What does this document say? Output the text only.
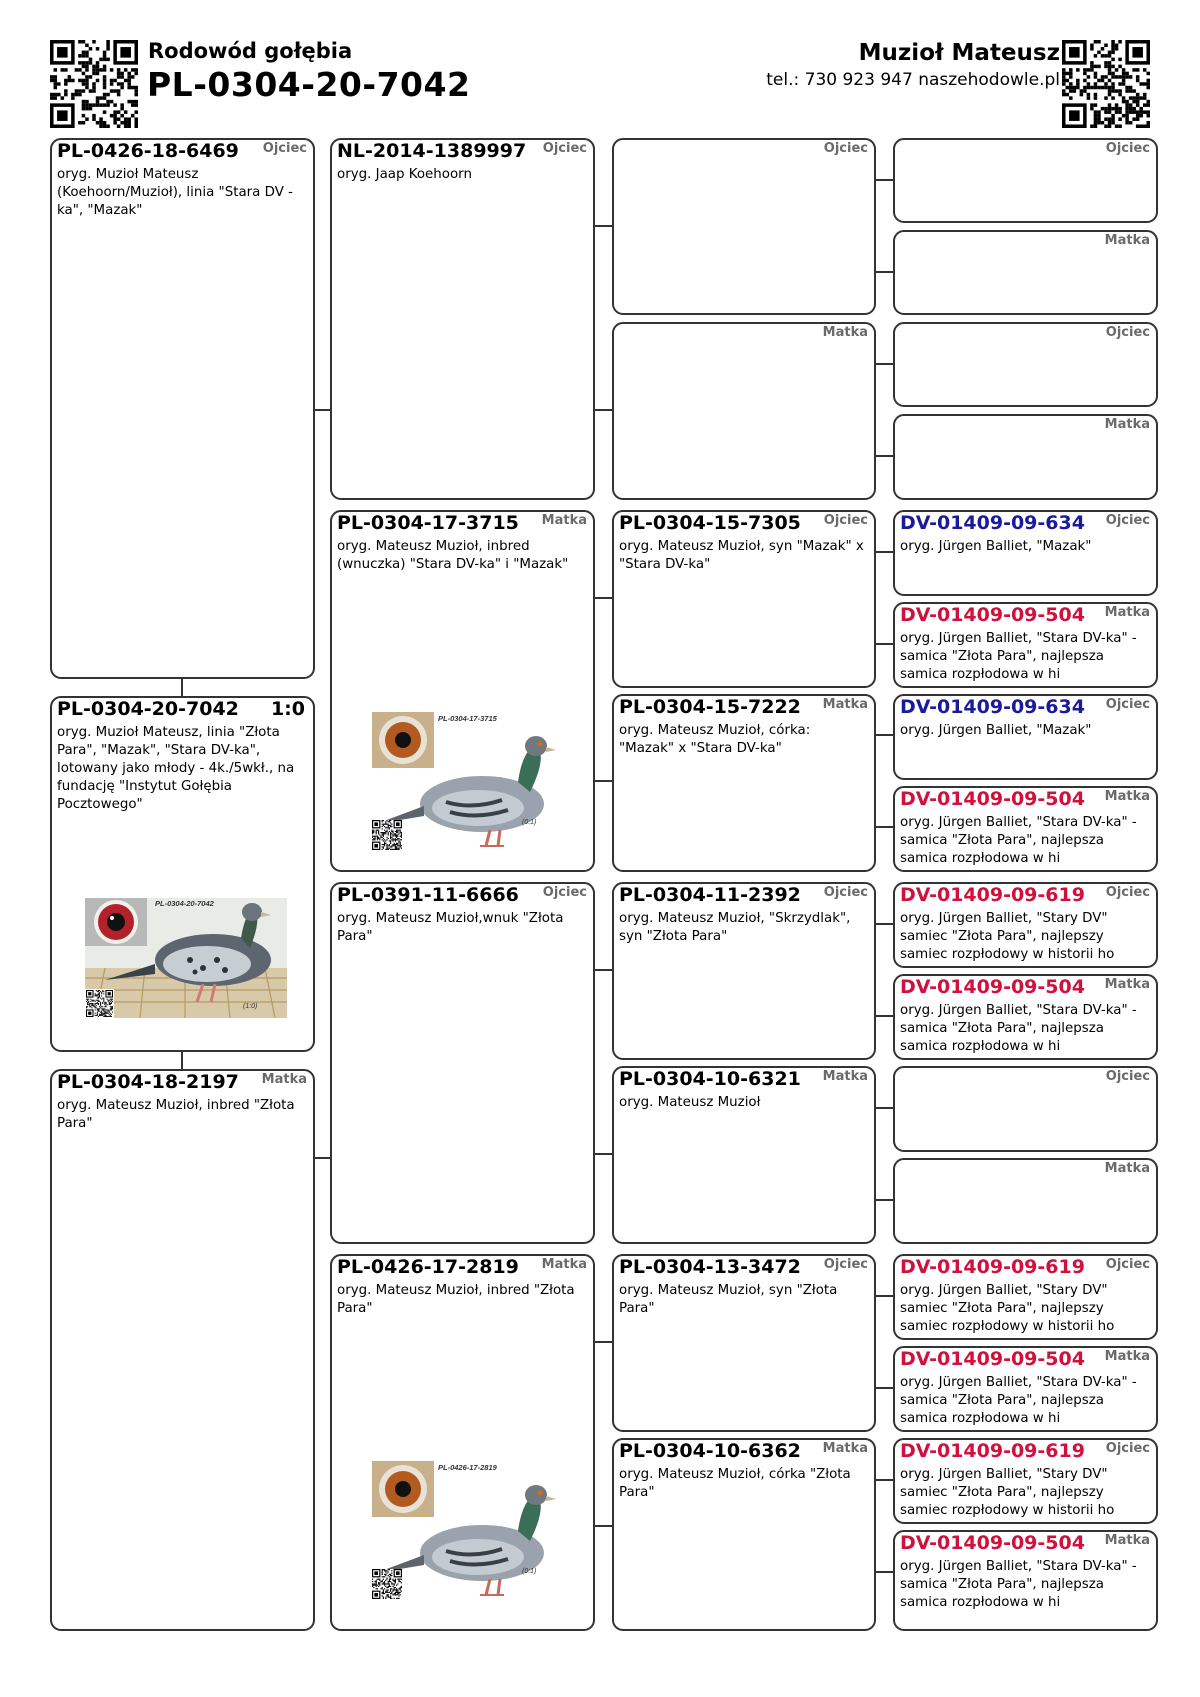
Rodowód gołębia
PL-0304-20-7042
Muzioł Mateusz
tel.: 730 923 947 naszehodowle.pl
PL-0426-18-6469 Ojciec
oryg. Muzioł Mateusz (Koehoorn/Muzioł), linia "Stara DV - ka", "Mazak"
PL-0304-20-7042 1:0
oryg. Muzioł Mateusz, linia "Złota Para", "Mazak", "Stara DV-ka", lotowany jako młody - 4k./5wkł., na fundację "Instytut Gołębia Pocztowego"
PL-0304-20-7042
(1:0)
PL-0304-18-2197 Matka
oryg. Mateusz Muzioł, inbred "Złota Para"
NL-2014-1389997 Ojciec
oryg. Jaap Koehoorn
PL-0304-17-3715 Matka
oryg. Mateusz Muzioł, inbred (wnuczka) "Stara DV-ka" i "Mazak"
PL-0304-17-3715
(0:1)
PL-0391-11-6666 Ojciec
oryg. Mateusz Muzioł,wnuk "Złota Para"
PL-0426-17-2819 Matka
oryg. Mateusz Muzioł, inbred "Złota Para"
PL-0426-17-2819
(0:1)
Ojciec
Matka
PL-0304-15-7305 Ojciec
oryg. Mateusz Muzioł, syn "Mazak" x "Stara DV-ka"
PL-0304-15-7222 Matka
oryg. Mateusz Muzioł, córka: "Mazak" x "Stara DV-ka"
PL-0304-11-2392 Ojciec
oryg. Mateusz Muzioł, "Skrzydlak", syn "Złota Para"
PL-0304-10-6321 Matka
oryg. Mateusz Muzioł
PL-0304-13-3472 Ojciec
oryg. Mateusz Muzioł, syn "Złota Para"
PL-0304-10-6362 Matka
oryg. Mateusz Muzioł, córka "Złota Para"
Ojciec
Matka
Ojciec
Matka
DV-01409-09-634 Ojciec
oryg. Jürgen Balliet, "Mazak"
DV-01409-09-504 Matka
oryg. Jürgen Balliet, "Stara DV-ka" - samica "Złota Para", najlepsza samica rozpłodowa w hi
DV-01409-09-634 Ojciec
oryg. Jürgen Balliet, "Mazak"
DV-01409-09-504 Matka
oryg. Jürgen Balliet, "Stara DV-ka" - samica "Złota Para", najlepsza samica rozpłodowa w hi
DV-01409-09-619 Ojciec
oryg. Jürgen Balliet, "Stary DV" samiec "Złota Para", najlepszy samiec rozpłodowy w historii ho
DV-01409-09-504 Matka
oryg. Jürgen Balliet, "Stara DV-ka" - samica "Złota Para", najlepsza samica rozpłodowa w hi
Ojciec
Matka
DV-01409-09-619 Ojciec
oryg. Jürgen Balliet, "Stary DV" samiec "Złota Para", najlepszy samiec rozpłodowy w historii ho
DV-01409-09-504 Matka
oryg. Jürgen Balliet, "Stara DV-ka" - samica "Złota Para", najlepsza samica rozpłodowa w hi
DV-01409-09-619 Ojciec
oryg. Jürgen Balliet, "Stary DV" samiec "Złota Para", najlepszy samiec rozpłodowy w historii ho
DV-01409-09-504 Matka
oryg. Jürgen Balliet, "Stara DV-ka" - samica "Złota Para", najlepsza samica rozpłodowa w hi
